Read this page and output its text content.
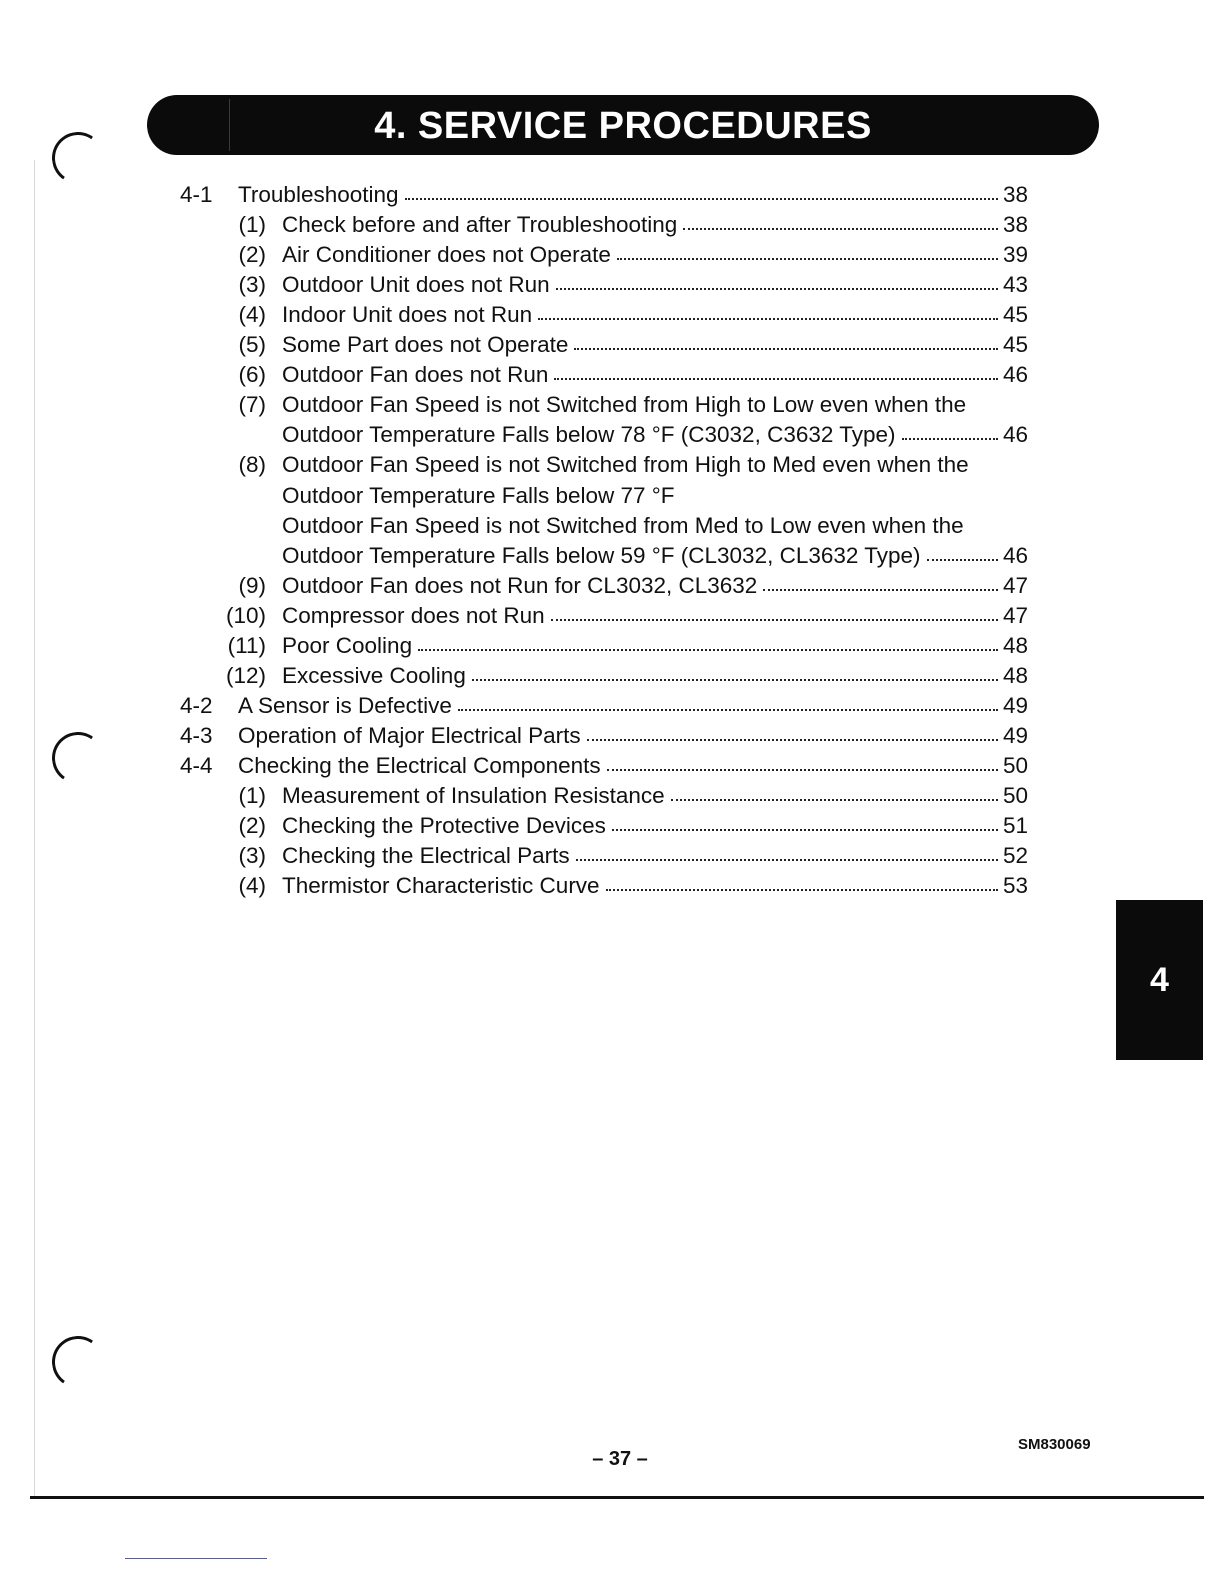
4. SERVICE PROCEDURES
4-1 Troubleshooting	38
(1) Check before and after Troubleshooting	38
(2) Air Conditioner does not Operate	39
(3) Outdoor Unit does not Run	43
(4) Indoor Unit does not Run	45
(5) Some Part does not Operate	45
(6) Outdoor Fan does not Run	46
(7) Outdoor Fan Speed is not Switched from High to Low even when the
Outdoor Temperature Falls below 78 °F (C3032, C3632 Type)	46
(8) Outdoor Fan Speed is not Switched from High to Med even when the
Outdoor Temperature Falls below 77 °F
Outdoor Fan Speed is not Switched from Med to Low even when the
Outdoor Temperature Falls below 59 °F (CL3032, CL3632 Type)	46
(9) Outdoor Fan does not Run for CL3032, CL3632	47
(10) Compressor does not Run	47
(11) Poor Cooling	48
(12) Excessive Cooling	48
4-2 A Sensor is Defective	49
4-3 Operation of Major Electrical Parts	49
4-4 Checking the Electrical Components	50
(1) Measurement of Insulation Resistance	50
(2) Checking the Protective Devices	51
(3) Checking the Electrical Parts	52
(4) Thermistor Characteristic Curve	53
4
SM830069
– 37 –
